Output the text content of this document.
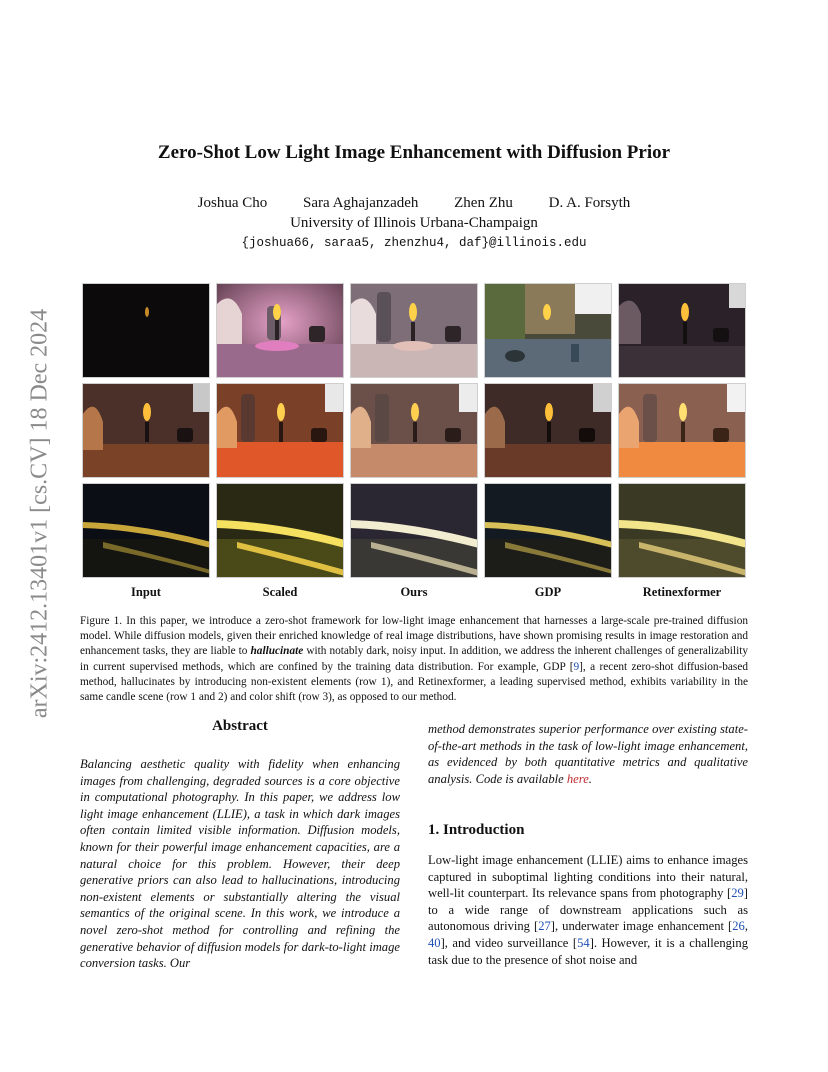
Zero-Shot Low Light Image Enhancement with Diffusion Prior
Joshua Cho Sara Aghajanzadeh Zhen Zhu D. A. Forsyth
University of Illinois Urbana-Champaign
{joshua66, saraa5, zhenzhu4, daf}@illinois.edu
arXiv:2412.13401v1 [cs.CV] 18 Dec 2024	Input	Scaled	Ours	GDP	Retinexformer
Figure 1. In this paper, we introduce a zero-shot framework for low-light image enhancement that harnesses a large-scale pre-trained diffusion model. While diffusion models, given their enriched knowledge of real image distributions, have shown promising results in image restoration and enhancement tasks, they are liable to hallucinate with notably dark, noisy input. In addition, we address the inherent challenges of generalizability in current supervised methods, which are confined by the training data distribution. For example, GDP [9], a recent zero-shot diffusion-based method, hallucinates by introducing non-existent elements (row 1), and Retinexformer, a leading supervised method, exhibits variability in the same candle scene (row 1 and 2) and color shift (row 3), as opposed to our method.
Abstract
Balancing aesthetic quality with fidelity when enhancing images from challenging, degraded sources is a core objective in computational photography. In this paper, we address low light image enhancement (LLIE), a task in which dark images often contain limited visible information. Diffusion models, known for their powerful image enhancement capacities, are a natural choice for this problem. However, their deep generative priors can also lead to hallucinations, introducing non-existent elements or substantially altering the visual semantics of the original scene. In this work, we introduce a novel zero-shot method for controlling and refining the generative behavior of diffusion models for dark-to-light image conversion tasks. Our
method demonstrates superior performance over existing state-of-the-art methods in the task of low-light image enhancement, as evidenced by both quantitative metrics and qualitative analysis. Code is available here.
1. Introduction
Low-light image enhancement (LLIE) aims to enhance images captured in suboptimal lighting conditions into their natural, well-lit counterpart. Its relevance spans from photography [29] to a wide range of downstream applications such as autonomous driving [27], underwater image enhancement [26, 40], and video surveillance [54]. However, it is a challenging task due to the presence of shot noise and
